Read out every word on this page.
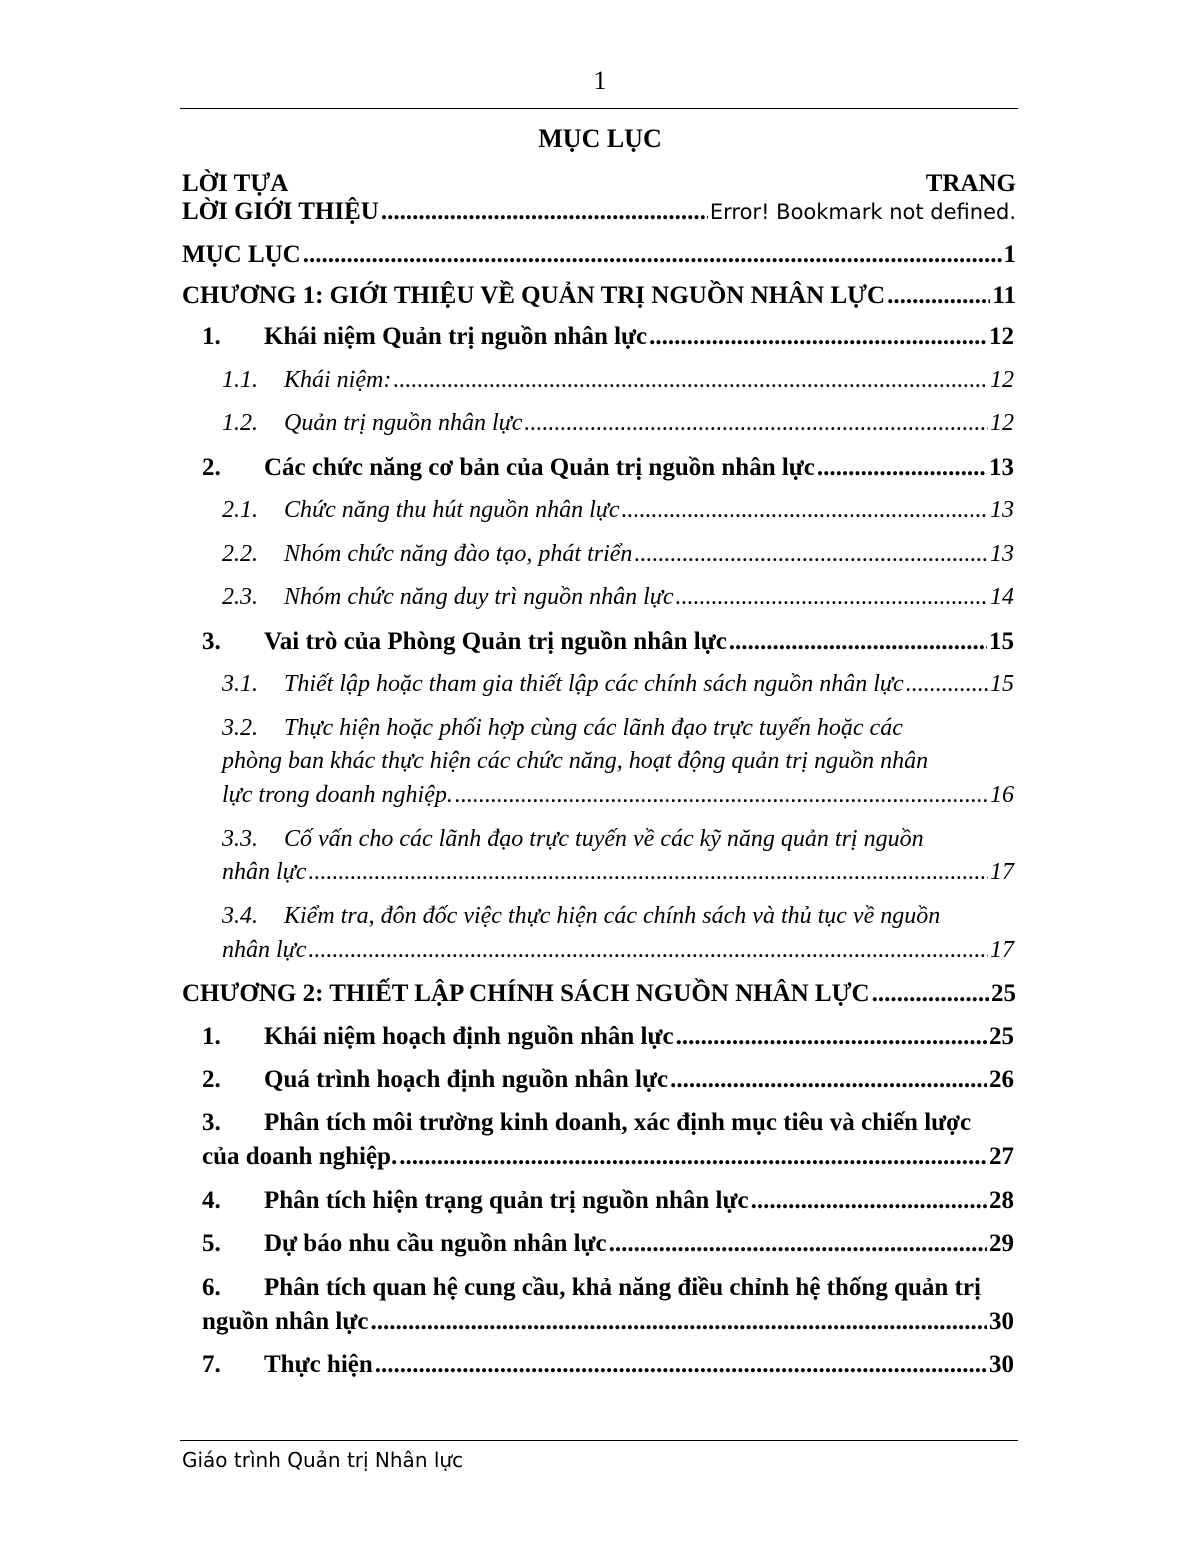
1
MỤC LỤC
LỜI TỰA	TRANG
LỜI GIỚI THIỆU .....	Error! Bookmark not defined.
MỤC LỤC .....	1
CHƯƠNG 1: GIỚI THIỆU VỀ QUẢN TRỊ NGUỒN NHÂN LỰC .....	11
1.	Khái niệm Quản trị nguồn nhân lực .....	12
1.1.	Khái niệm: .....	12
1.2.	Quản trị nguồn nhân lực .....	12
2.	Các chức năng cơ bản của Quản trị nguồn nhân lực .....	13
2.1.	Chức năng thu hút nguồn nhân lực .....	13
2.2.	Nhóm chức năng đào tạo, phát triển .....	13
2.3.	Nhóm chức năng duy trì nguồn nhân lực .....	14
3.	Vai trò của Phòng Quản trị nguồn nhân lực .....	15
3.1.	Thiết lập hoặc tham gia thiết lập các chính sách nguồn nhân lực .....	15
3.2. Thực hiện hoặc phối hợp cùng các lãnh đạo trực tuyến hoặc các
phòng ban khác thực hiện các chức năng, hoạt động quản trị nguồn nhân
lực trong doanh nghiệp. .....	16
3.3. Cố vấn cho các lãnh đạo trực tuyến về các kỹ năng quản trị nguồn
nhân lực .....	17
3.4. Kiểm tra, đôn đốc việc thực hiện các chính sách và thủ tục về nguồn
nhân lực .....	17
CHƯƠNG 2: THIẾT LẬP CHÍNH SÁCH NGUỒN NHÂN LỰC .....	25
1.	Khái niệm hoạch định nguồn nhân lực .....	25
2.	Quá trình hoạch định nguồn nhân lực .....	26
3. Phân tích môi trường kinh doanh, xác định mục tiêu và chiến lược
của doanh nghiệp. .....	27
4.	Phân tích hiện trạng quản trị nguồn nhân lực .....	28
5.	Dự báo nhu cầu nguồn nhân lực .....	29
6. Phân tích quan hệ cung cầu, khả năng điều chỉnh hệ thống quản trị
nguồn nhân lực .....	30
7.	Thực hiện .....	30
Giáo trình Quản trị Nhân lực
